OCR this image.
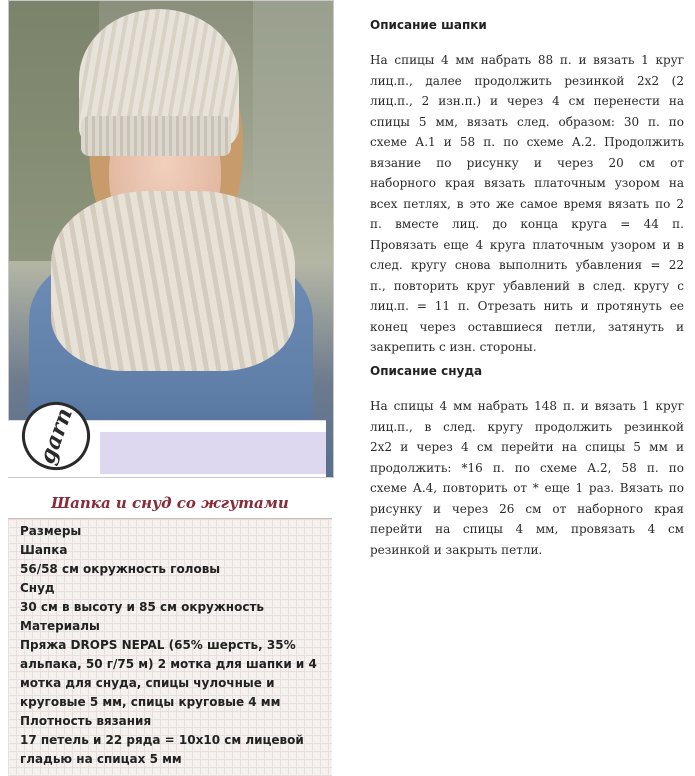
garn
Шапка и снуд со жгутами

Размеры

Шапка

56/58 см окружность головы

Снуд

30 см в высоту и 85 см окружность

Материалы

Пряжа DROPS NEPAL (65% шерсть, 35%

альпака, 50 г/75 м) 2 мотка для шапки и 4

мотка для снуда, спицы чулочные и

круговые 5 мм, спицы круговые 4 мм

Плотность вязания

17 петель и 22 ряда = 10х10 см лицевой

гладью на спицах 5 мм

Описание шапки
На спицы 4 мм набрать 88 п. и вязать 1 круг
лиц.п., далее продолжить резинкой 2х2 (2
лиц.п., 2 изн.п.) и через 4 см перенести на
спицы 5 мм, вязать след. образом: 30 п. по
схеме А.1 и 58 п. по схеме А.2. Продолжить
вязание по рисунку и через 20 см от
наборного края вязать платочным узором на
всех петлях, в это же самое время вязать по 2
п. вместе лиц. до конца круга = 44 п.
Провязать еще 4 круга платочным узором и в
след. кругу снова выполнить убавления = 22
п., повторить круг убавлений в след. кругу с
лиц.п. = 11 п. Отрезать нить и протянуть ее
конец через оставшиеся петли, затянуть и
закрепить с изн. стороны.
Описание снуда
На спицы 4 мм набрать 148 п. и вязать 1 круг
лиц.п., в след. кругу продолжить резинкой
2х2 и через 4 см перейти на спицы 5 мм и
продолжить: *16 п. по схеме А.2, 58 п. по
схеме А.4, повторить от * еще 1 раз. Вязать по
рисунку и через 26 см от наборного края
перейти на спицы 4 мм, провязать 4 см
резинкой и закрыть петли.
